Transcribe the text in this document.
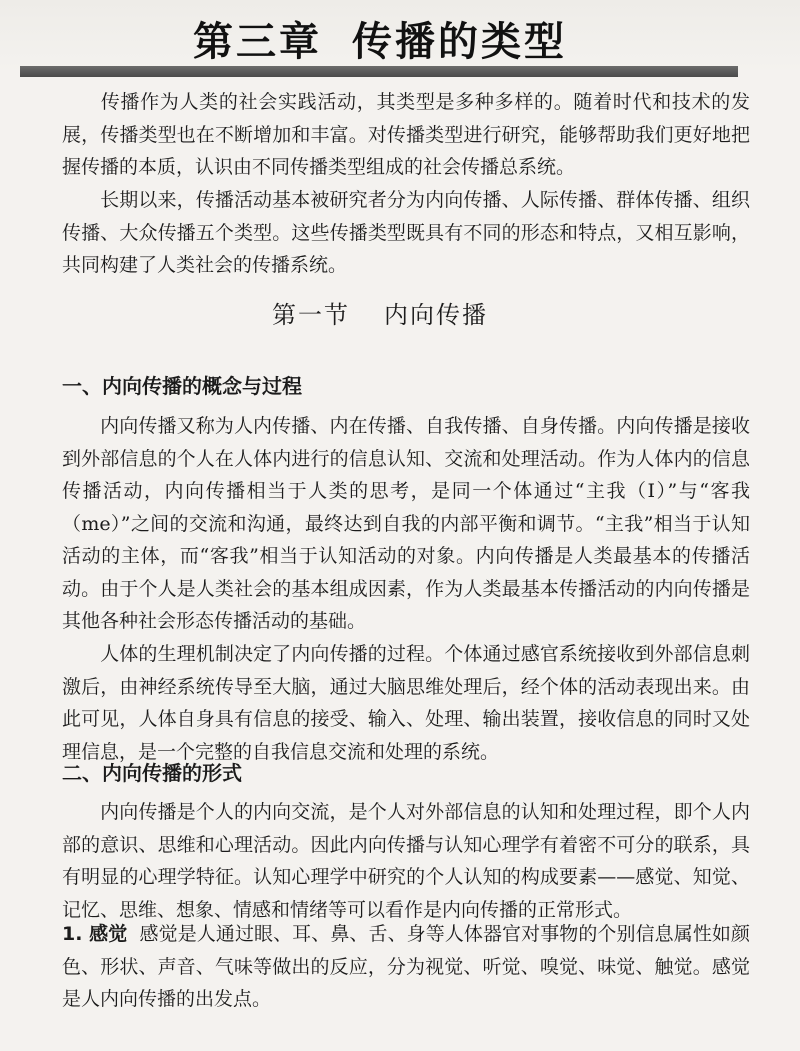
第三章 传播的类型

传播作为人类的社会实践活动，其类型是多种多样的。随着时代和技术的发展，传播类型也在不断增加和丰富。对传播类型进行研究，能够帮助我们更好地把握传播的本质，认识由不同传播类型组成的社会传播总系统。

长期以来，传播活动基本被研究者分为内向传播、人际传播、群体传播、组织传播、大众传播五个类型。这些传播类型既具有不同的形态和特点，又相互影响，共同构建了人类社会的传播系统。

第一节 内向传播
一、内向传播的概念与过程

内向传播又称为人内传播、内在传播、自我传播、自身传播。内向传播是接收到外部信息的个人在人体内进行的信息认知、交流和处理活动。作为人体内的信息传播活动，内向传播相当于人类的思考，是同一个体通过“主我（I）”与“客我（me）”之间的交流和沟通，最终达到自我的内部平衡和调节。“主我”相当于认知活动的主体，而“客我”相当于认知活动的对象。内向传播是人类最基本的传播活动。由于个人是人类社会的基本组成因素，作为人类最基本传播活动的内向传播是其他各种社会形态传播活动的基础。

人体的生理机制决定了内向传播的过程。个体通过感官系统接收到外部信息刺激后，由神经系统传导至大脑，通过大脑思维处理后，经个体的活动表现出来。由此可见，人体自身具有信息的接受、输入、处理、输出装置，接收信息的同时又处理信息，是一个完整的自我信息交流和处理的系统。

二、内向传播的形式

内向传播是个人的内向交流，是个人对外部信息的认知和处理过程，即个人内部的意识、思维和心理活动。因此内向传播与认知心理学有着密不可分的联系，具有明显的心理学特征。认知心理学中研究的个人认知的构成要素——感觉、知觉、记忆、思维、想象、情感和情绪等可以看作是内向传播的正常形式。

1. 感觉 感觉是人通过眼、耳、鼻、舌、身等人体器官对事物的个别信息属性如颜色、形状、声音、气味等做出的反应，分为视觉、听觉、嗅觉、味觉、触觉。感觉是人内向传播的出发点。
